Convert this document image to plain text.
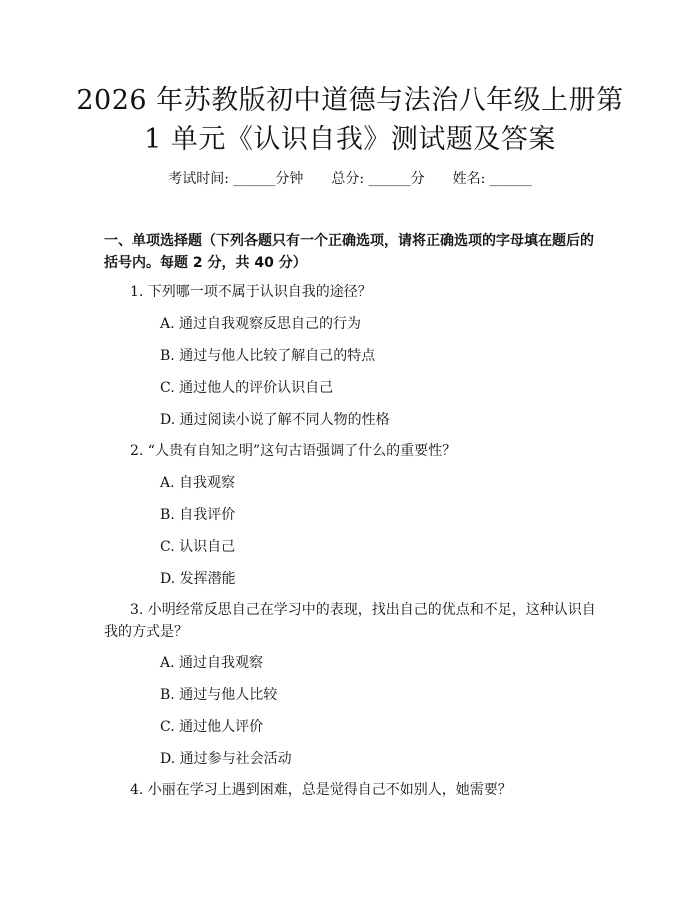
2026 年苏教版初中道德与法治八年级上册第
1 单元《认识自我》测试题及答案
考试时间: ______分钟 总分: ______分 姓名: ______
一、单项选择题（下列各题只有一个正确选项，请将正确选项的字母填在题后的括号内。每题 2 分，共 40 分）
1. 下列哪一项不属于认识自我的途径？
A. 通过自我观察反思自己的行为
B. 通过与他人比较了解自己的特点
C. 通过他人的评价认识自己
D. 通过阅读小说了解不同人物的性格
2. “人贵有自知之明”这句古语强调了什么的重要性？
A. 自我观察
B. 自我评价
C. 认识自己
D. 发挥潜能
3. 小明经常反思自己在学习中的表现，找出自己的优点和不足，这种认识自我的方式是？
A. 通过自我观察
B. 通过与他人比较
C. 通过他人评价
D. 通过参与社会活动
4. 小丽在学习上遇到困难，总是觉得自己不如别人，她需要？
